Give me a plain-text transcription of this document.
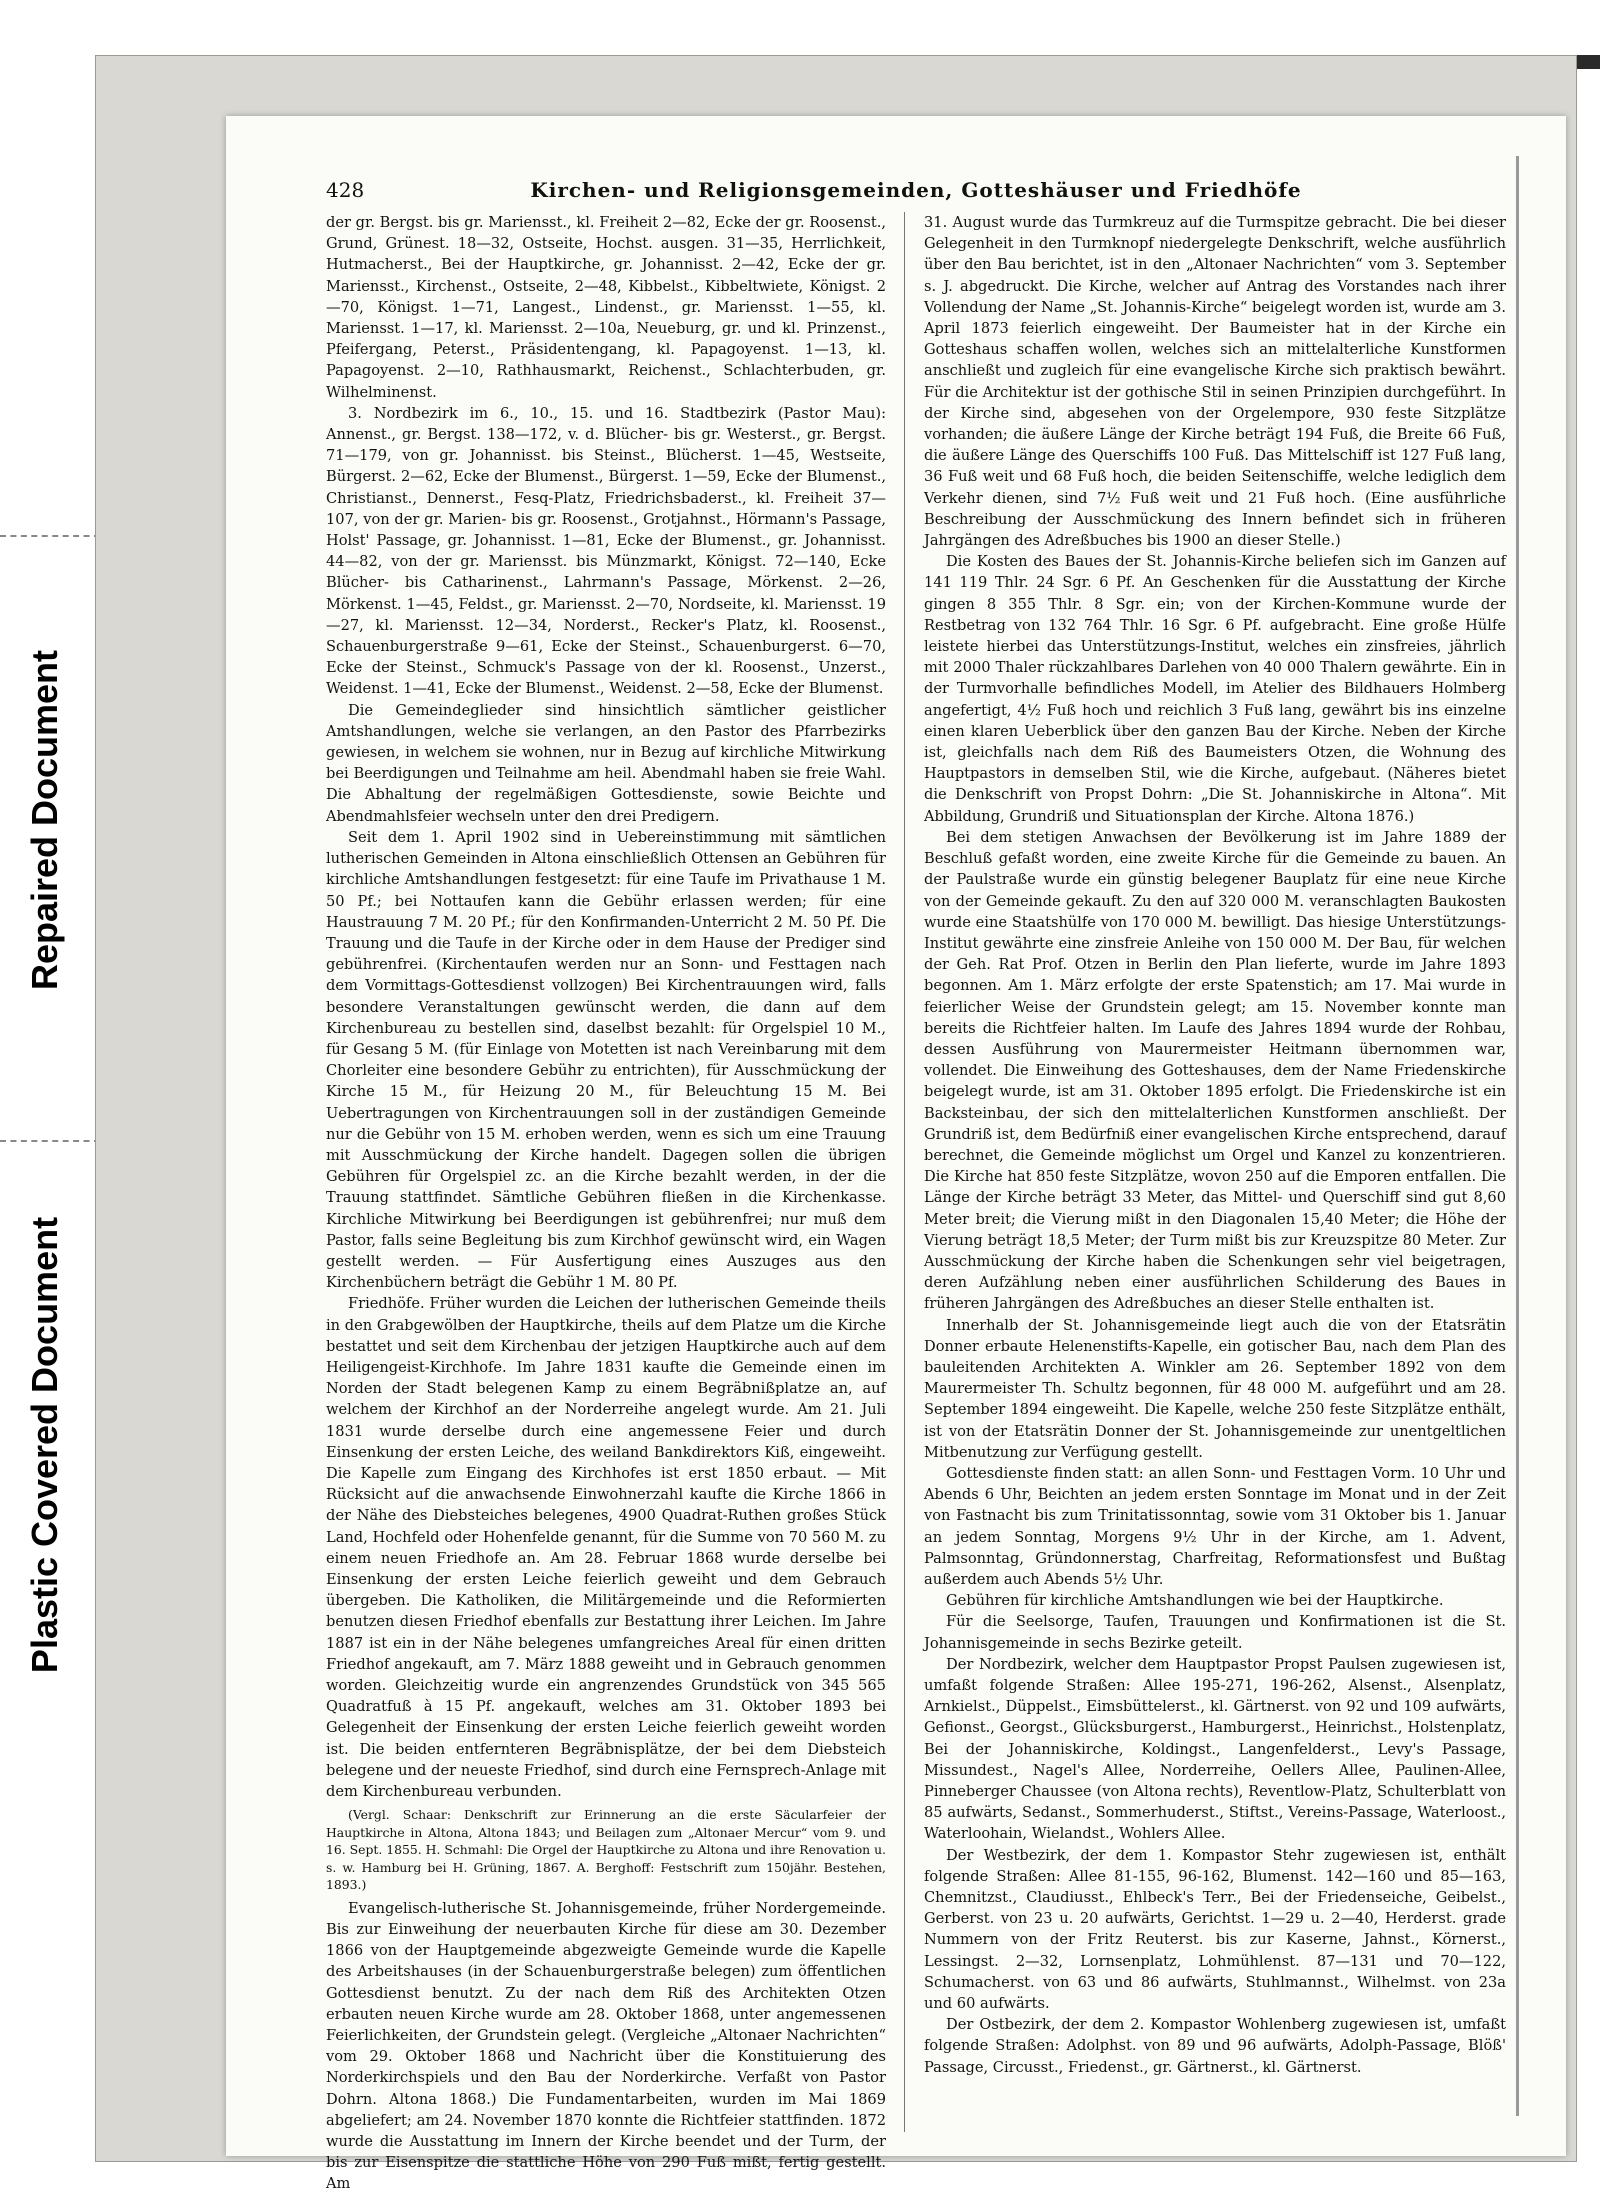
Repaired Document
Plastic Covered Document
428	Kirchen- und Religionsgemeinden, Gotteshäuser und Friedhöfe

der gr. Bergst. bis gr. Mariensst., kl. Freiheit 2—82, Ecke der gr. Roosenst., Grund, Grünest. 18—32, Ostseite, Hochst. ausgen. 31—35, Herrlichkeit, Hutmacherst., Bei der Hauptkirche, gr. Johannisst. 2—42, Ecke der gr. Mariensst., Kirchenst., Ostseite, 2—48, Kibbelst., Kibbeltwiete, Königst. 2—70, Königst. 1—71, Langest., Lindenst., gr. Mariensst. 1—55, kl. Mariensst. 1—17, kl. Mariensst. 2—10a, Neueburg, gr. und kl. Prinzenst., Pfeifergang, Peterst., Präsidentengang, kl. Papagoyenst. 1—13, kl. Papagoyenst. 2—10, Rathhausmarkt, Reichenst., Schlachterbuden, gr. Wilhelminenst.

3. Nordbezirk im 6., 10., 15. und 16. Stadtbezirk (Pastor Mau): Annenst., gr. Bergst. 138—172, v. d. Blücher- bis gr. Westerst., gr. Bergst. 71—179, von gr. Johannisst. bis Steinst., Blücherst. 1—45, Westseite, Bürgerst. 2—62, Ecke der Blumenst., Bürgerst. 1—59, Ecke der Blumenst., Christianst., Dennerst., Fesq-Platz, Friedrichsbaderst., kl. Freiheit 37—107, von der gr. Marien- bis gr. Roosenst., Grotjahnst., Hörmann's Passage, Holst' Passage, gr. Johannisst. 1—81, Ecke der Blumenst., gr. Johannisst. 44—82, von der gr. Mariensst. bis Münzmarkt, Königst. 72—140, Ecke Blücher- bis Catharinenst., Lahrmann's Passage, Mörkenst. 2—26, Mörkenst. 1—45, Feldst., gr. Mariensst. 2—70, Nordseite, kl. Mariensst. 19—27, kl. Mariensst. 12—34, Norderst., Recker's Platz, kl. Roosenst., Schauenburgerstraße 9—61, Ecke der Steinst., Schauenburgerst. 6—70, Ecke der Steinst., Schmuck's Passage von der kl. Roosenst., Unzerst., Weidenst. 1—41, Ecke der Blumenst., Weidenst. 2—58, Ecke der Blumenst.

Die Gemeindeglieder sind hinsichtlich sämtlicher geistlicher Amtshandlungen, welche sie verlangen, an den Pastor des Pfarrbezirks gewiesen, in welchem sie wohnen, nur in Bezug auf kirchliche Mitwirkung bei Beerdigungen und Teilnahme am heil. Abendmahl haben sie freie Wahl. Die Abhaltung der regelmäßigen Gottesdienste, sowie Beichte und Abendmahlsfeier wechseln unter den drei Predigern.

Seit dem 1. April 1902 sind in Uebereinstimmung mit sämtlichen lutherischen Gemeinden in Altona einschließlich Ottensen an Gebühren für kirchliche Amtshandlungen festgesetzt: für eine Taufe im Privathause 1 M. 50 Pf.; bei Nottaufen kann die Gebühr erlassen werden; für eine Haustrauung 7 M. 20 Pf.; für den Konfirmanden-Unterricht 2 M. 50 Pf. Die Trauung und die Taufe in der Kirche oder in dem Hause der Prediger sind gebührenfrei. (Kirchentaufen werden nur an Sonn- und Festtagen nach dem Vormittags-Gottesdienst vollzogen) Bei Kirchentrauungen wird, falls besondere Veranstaltungen gewünscht werden, die dann auf dem Kirchenbureau zu bestellen sind, daselbst bezahlt: für Orgelspiel 10 M., für Gesang 5 M. (für Einlage von Motetten ist nach Vereinbarung mit dem Chorleiter eine besondere Gebühr zu entrichten), für Ausschmückung der Kirche 15 M., für Heizung 20 M., für Beleuchtung 15 M. Bei Uebertragungen von Kirchentrauungen soll in der zuständigen Gemeinde nur die Gebühr von 15 M. erhoben werden, wenn es sich um eine Trauung mit Ausschmückung der Kirche handelt. Dagegen sollen die übrigen Gebühren für Orgelspiel zc. an die Kirche bezahlt werden, in der die Trauung stattfindet. Sämtliche Gebühren fließen in die Kirchenkasse. Kirchliche Mitwirkung bei Beerdigungen ist gebührenfrei; nur muß dem Pastor, falls seine Begleitung bis zum Kirchhof gewünscht wird, ein Wagen gestellt werden. — Für Ausfertigung eines Auszuges aus den Kirchenbüchern beträgt die Gebühr 1 M. 80 Pf.

Friedhöfe. Früher wurden die Leichen der lutherischen Gemeinde theils in den Grabgewölben der Hauptkirche, theils auf dem Platze um die Kirche bestattet und seit dem Kirchenbau der jetzigen Hauptkirche auch auf dem Heiligengeist-Kirchhofe. Im Jahre 1831 kaufte die Gemeinde einen im Norden der Stadt belegenen Kamp zu einem Begräbnißplatze an, auf welchem der Kirchhof an der Norderreihe angelegt wurde. Am 21. Juli 1831 wurde derselbe durch eine angemessene Feier und durch Einsenkung der ersten Leiche, des weiland Bankdirektors Kiß, eingeweiht. Die Kapelle zum Eingang des Kirchhofes ist erst 1850 erbaut. — Mit Rücksicht auf die anwachsende Einwohnerzahl kaufte die Kirche 1866 in der Nähe des Diebsteiches belegenes, 4900 Quadrat-Ruthen großes Stück Land, Hochfeld oder Hohenfelde genannt, für die Summe von 70 560 M. zu einem neuen Friedhofe an. Am 28. Februar 1868 wurde derselbe bei Einsenkung der ersten Leiche feierlich geweiht und dem Gebrauch übergeben. Die Katholiken, die Militärgemeinde und die Reformierten benutzen diesen Friedhof ebenfalls zur Bestattung ihrer Leichen. Im Jahre 1887 ist ein in der Nähe belegenes umfangreiches Areal für einen dritten Friedhof angekauft, am 7. März 1888 geweiht und in Gebrauch genommen worden. Gleichzeitig wurde ein angrenzendes Grundstück von 345 565 Quadratfuß à 15 Pf. angekauft, welches am 31. Oktober 1893 bei Gelegenheit der Einsenkung der ersten Leiche feierlich geweiht worden ist. Die beiden entfernteren Begräbnisplätze, der bei dem Diebsteich belegene und der neueste Friedhof, sind durch eine Fernsprech-Anlage mit dem Kirchenbureau verbunden.

(Vergl. Schaar: Denkschrift zur Erinnerung an die erste Säcularfeier der Hauptkirche in Altona, Altona 1843; und Beilagen zum „Altonaer Mercur“ vom 9. und 16. Sept. 1855. H. Schmahl: Die Orgel der Hauptkirche zu Altona und ihre Renovation u. s. w. Hamburg bei H. Grüning, 1867. A. Berghoff: Festschrift zum 150jähr. Bestehen, 1893.)

Evangelisch-lutherische St. Johannisgemeinde, früher Nordergemeinde. Bis zur Einweihung der neuerbauten Kirche für diese am 30. Dezember 1866 von der Hauptgemeinde abgezweigte Gemeinde wurde die Kapelle des Arbeitshauses (in der Schauenburgerstraße belegen) zum öffentlichen Gottesdienst benutzt. Zu der nach dem Riß des Architekten Otzen erbauten neuen Kirche wurde am 28. Oktober 1868, unter angemessenen Feierlichkeiten, der Grundstein gelegt. (Vergleiche „Altonaer Nachrichten“ vom 29. Oktober 1868 und Nachricht über die Konstituierung des Norderkirchspiels und den Bau der Norderkirche. Verfaßt von Pastor Dohrn. Altona 1868.) Die Fundamentarbeiten, wurden im Mai 1869 abgeliefert; am 24. November 1870 konnte die Richtfeier stattfinden. 1872 wurde die Ausstattung im Innern der Kirche beendet und der Turm, der bis zur Eisenspitze die stattliche Höhe von 290 Fuß mißt, fertig gestellt. Am

31. August wurde das Turmkreuz auf die Turmspitze gebracht. Die bei dieser Gelegenheit in den Turmknopf niedergelegte Denkschrift, welche ausführlich über den Bau berichtet, ist in den „Altonaer Nachrichten“ vom 3. September s. J. abgedruckt. Die Kirche, welcher auf Antrag des Vorstandes nach ihrer Vollendung der Name „St. Johannis-Kirche“ beigelegt worden ist, wurde am 3. April 1873 feierlich eingeweiht. Der Baumeister hat in der Kirche ein Gotteshaus schaffen wollen, welches sich an mittelalterliche Kunstformen anschließt und zugleich für eine evangelische Kirche sich praktisch bewährt. Für die Architektur ist der gothische Stil in seinen Prinzipien durchgeführt. In der Kirche sind, abgesehen von der Orgelempore, 930 feste Sitzplätze vorhanden; die äußere Länge der Kirche beträgt 194 Fuß, die Breite 66 Fuß, die äußere Länge des Querschiffs 100 Fuß. Das Mittelschiff ist 127 Fuß lang, 36 Fuß weit und 68 Fuß hoch, die beiden Seitenschiffe, welche lediglich dem Verkehr dienen, sind 7½ Fuß weit und 21 Fuß hoch. (Eine ausführliche Beschreibung der Ausschmückung des Innern befindet sich in früheren Jahrgängen des Adreßbuches bis 1900 an dieser Stelle.)

Die Kosten des Baues der St. Johannis-Kirche beliefen sich im Ganzen auf 141 119 Thlr. 24 Sgr. 6 Pf. An Geschenken für die Ausstattung der Kirche gingen 8 355 Thlr. 8 Sgr. ein; von der Kirchen-Kommune wurde der Restbetrag von 132 764 Thlr. 16 Sgr. 6 Pf. aufgebracht. Eine große Hülfe leistete hierbei das Unterstützungs-Institut, welches ein zinsfreies, jährlich mit 2000 Thaler rückzahlbares Darlehen von 40 000 Thalern gewährte. Ein in der Turmvorhalle befindliches Modell, im Atelier des Bildhauers Holmberg angefertigt, 4½ Fuß hoch und reichlich 3 Fuß lang, gewährt bis ins einzelne einen klaren Ueberblick über den ganzen Bau der Kirche. Neben der Kirche ist, gleichfalls nach dem Riß des Baumeisters Otzen, die Wohnung des Hauptpastors in demselben Stil, wie die Kirche, aufgebaut. (Näheres bietet die Denkschrift von Propst Dohrn: „Die St. Johanniskirche in Altona“. Mit Abbildung, Grundriß und Situationsplan der Kirche. Altona 1876.)

Bei dem stetigen Anwachsen der Bevölkerung ist im Jahre 1889 der Beschluß gefaßt worden, eine zweite Kirche für die Gemeinde zu bauen. An der Paulstraße wurde ein günstig belegener Bauplatz für eine neue Kirche von der Gemeinde gekauft. Zu den auf 320 000 M. veranschlagten Baukosten wurde eine Staatshülfe von 170 000 M. bewilligt. Das hiesige Unterstützungs-Institut gewährte eine zinsfreie Anleihe von 150 000 M. Der Bau, für welchen der Geh. Rat Prof. Otzen in Berlin den Plan lieferte, wurde im Jahre 1893 begonnen. Am 1. März erfolgte der erste Spatenstich; am 17. Mai wurde in feierlicher Weise der Grundstein gelegt; am 15. November konnte man bereits die Richtfeier halten. Im Laufe des Jahres 1894 wurde der Rohbau, dessen Ausführung von Maurermeister Heitmann übernommen war, vollendet. Die Einweihung des Gotteshauses, dem der Name Friedenskirche beigelegt wurde, ist am 31. Oktober 1895 erfolgt. Die Friedenskirche ist ein Backsteinbau, der sich den mittelalterlichen Kunstformen anschließt. Der Grundriß ist, dem Bedürfniß einer evangelischen Kirche entsprechend, darauf berechnet, die Gemeinde möglichst um Orgel und Kanzel zu konzentrieren. Die Kirche hat 850 feste Sitzplätze, wovon 250 auf die Emporen entfallen. Die Länge der Kirche beträgt 33 Meter, das Mittel- und Querschiff sind gut 8,60 Meter breit; die Vierung mißt in den Diagonalen 15,40 Meter; die Höhe der Vierung beträgt 18,5 Meter; der Turm mißt bis zur Kreuzspitze 80 Meter. Zur Ausschmückung der Kirche haben die Schenkungen sehr viel beigetragen, deren Aufzählung neben einer ausführlichen Schilderung des Baues in früheren Jahrgängen des Adreßbuches an dieser Stelle enthalten ist.

Innerhalb der St. Johannisgemeinde liegt auch die von der Etatsrätin Donner erbaute Helenenstifts-Kapelle, ein gotischer Bau, nach dem Plan des bauleitenden Architekten A. Winkler am 26. September 1892 von dem Maurermeister Th. Schultz begonnen, für 48 000 M. aufgeführt und am 28. September 1894 eingeweiht. Die Kapelle, welche 250 feste Sitzplätze enthält, ist von der Etatsrätin Donner der St. Johannisgemeinde zur unentgeltlichen Mitbenutzung zur Verfügung gestellt.

Gottesdienste finden statt: an allen Sonn- und Festtagen Vorm. 10 Uhr und Abends 6 Uhr, Beichten an jedem ersten Sonntage im Monat und in der Zeit von Fastnacht bis zum Trinitatissonntag, sowie vom 31 Oktober bis 1. Januar an jedem Sonntag, Morgens 9½ Uhr in der Kirche, am 1. Advent, Palmsonntag, Gründonnerstag, Charfreitag, Reformationsfest und Bußtag außerdem auch Abends 5½ Uhr.

Gebühren für kirchliche Amtshandlungen wie bei der Hauptkirche.

Für die Seelsorge, Taufen, Trauungen und Konfirmationen ist die St. Johannisgemeinde in sechs Bezirke geteilt.

Der Nordbezirk, welcher dem Hauptpastor Propst Paulsen zugewiesen ist, umfaßt folgende Straßen: Allee 195-271, 196-262, Alsenst., Alsenplatz, Arnkielst., Düppelst., Eimsbüttelerst., kl. Gärtnerst. von 92 und 109 aufwärts, Gefionst., Georgst., Glücksburgerst., Hamburgerst., Heinrichst., Holstenplatz, Bei der Johanniskirche, Koldingst., Langenfelderst., Levy's Passage, Missundest., Nagel's Allee, Norderreihe, Oellers Allee, Paulinen-Allee, Pinneberger Chaussee (von Altona rechts), Reventlow-Platz, Schulterblatt von 85 aufwärts, Sedanst., Sommerhuderst., Stiftst., Vereins-Passage, Waterloost., Waterloohain, Wielandst., Wohlers Allee.

Der Westbezirk, der dem 1. Kompastor Stehr zugewiesen ist, enthält folgende Straßen: Allee 81-155, 96-162, Blumenst. 142—160 und 85—163, Chemnitzst., Claudiusst., Ehlbeck's Terr., Bei der Friedenseiche, Geibelst., Gerberst. von 23 u. 20 aufwärts, Gerichtst. 1—29 u. 2—40, Herderst. grade Nummern von der Fritz Reuterst. bis zur Kaserne, Jahnst., Körnerst., Lessingst. 2—32, Lornsenplatz, Lohmühlenst. 87—131 und 70—122, Schumacherst. von 63 und 86 aufwärts, Stuhlmannst., Wilhelmst. von 23a und 60 aufwärts.

Der Ostbezirk, der dem 2. Kompastor Wohlenberg zugewiesen ist, umfaßt folgende Straßen: Adolphst. von 89 und 96 aufwärts, Adolph-Passage, Blöß' Passage, Circusst., Friedenst., gr. Gärtnerst., kl. Gärtnerst.
